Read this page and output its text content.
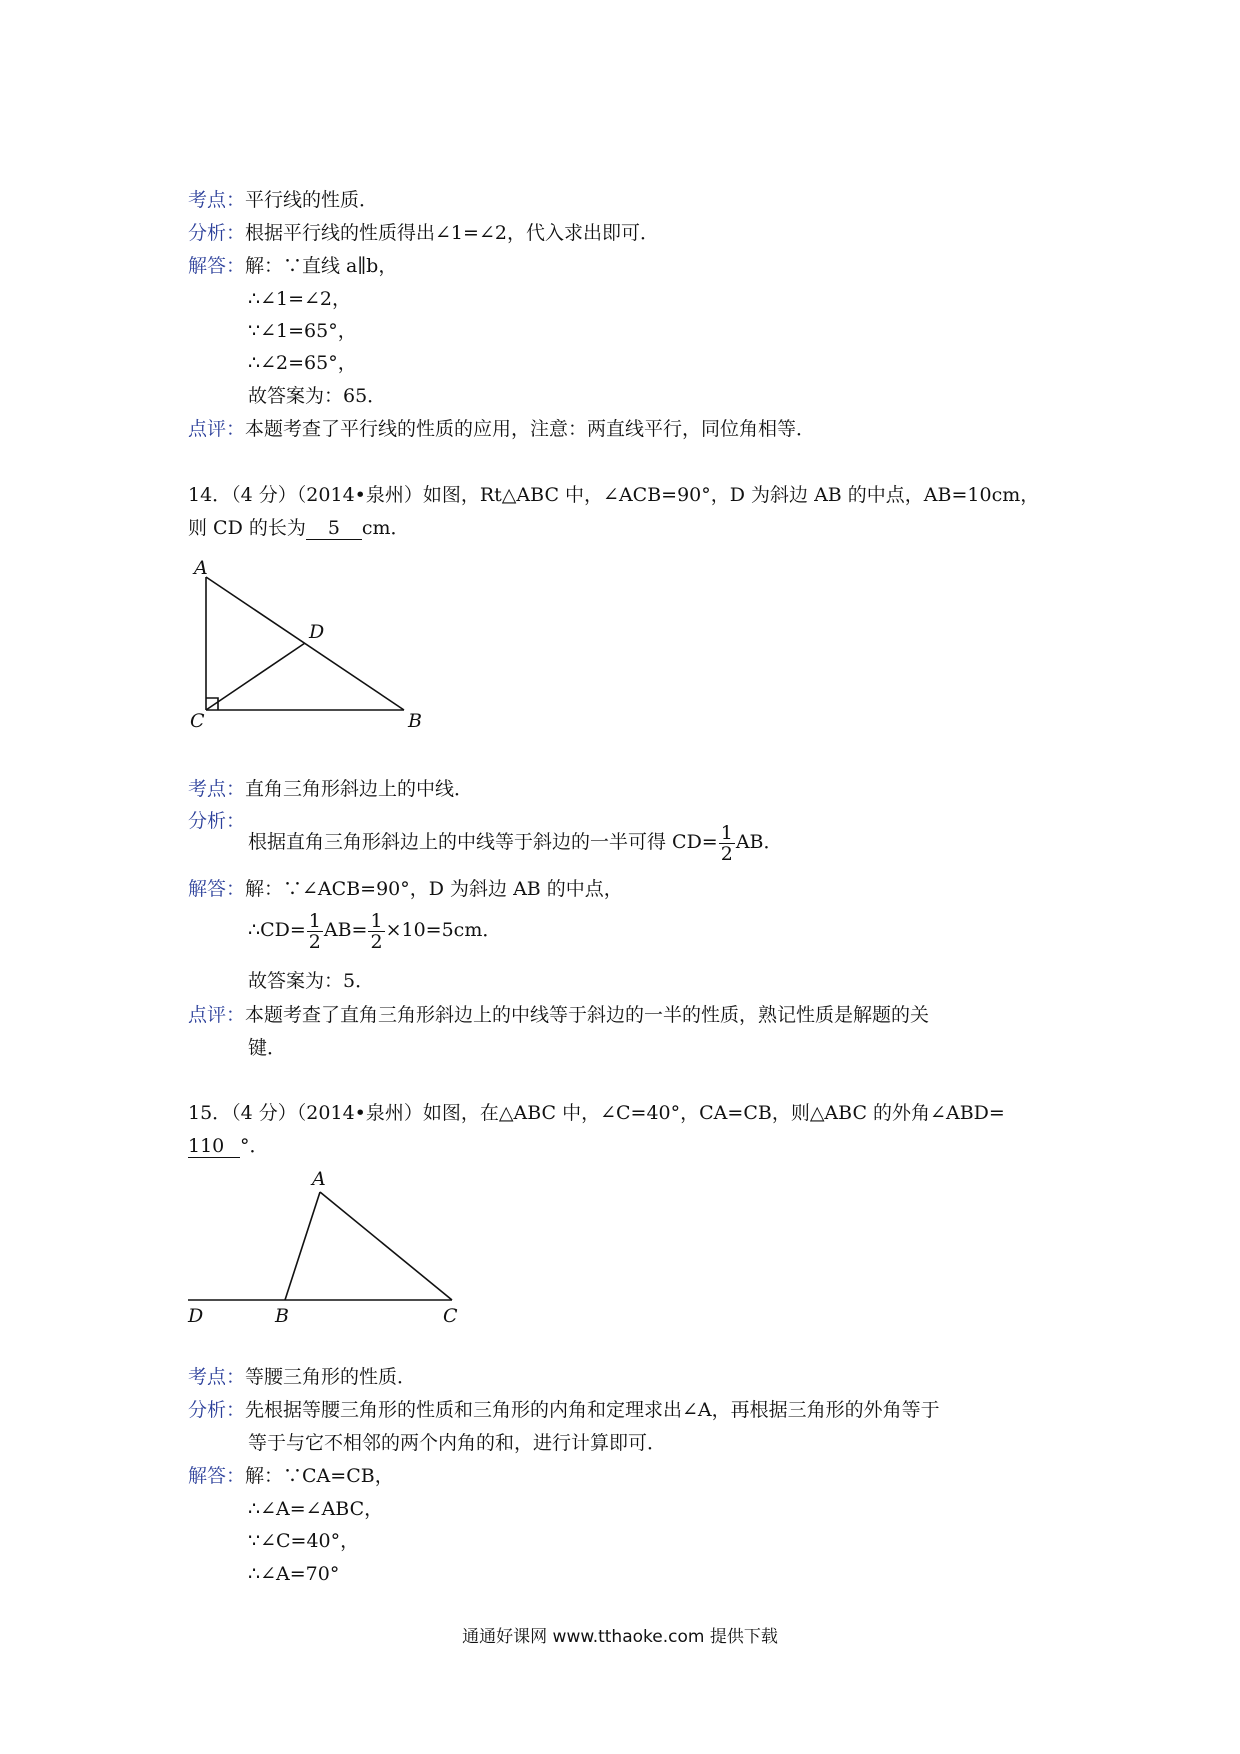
考点：平行线的性质．
分析：根据平行线的性质得出∠1=∠2，代入求出即可．
解答：解：∵直线 a∥b，
∴∠1=∠2，
∵∠1=65°，
∴∠2=65°，
故答案为：65．
点评：本题考查了平行线的性质的应用，注意：两直线平行，同位角相等．
14．（4 分）（2014•泉州）如图，Rt△ABC 中，∠ACB=90°，D 为斜边 AB 的中点，AB=10cm，
则 CD 的长为 5 cm．
A
D
C	B
考点：直角三角形斜边上的中线．
分析：
根据直角三角形斜边上的中线等于斜边的一半可得 $CD= \frac{1}{2}$ AB．
解答：解：∵∠ACB=90°，D 为斜边 AB 的中点，
∴CD= $\frac{1}{2} AB= \frac{1}{2} \times 10=5cm$．
故答案为：5．
点评：本题考查了直角三角形斜边上的中线等于斜边的一半的性质，熟记性质是解题的关
键．
15．（4 分）（2014•泉州）如图，在△ABC 中，∠C=40°，CA=CB，则△ABC 的外角∠ABD=
110 °．
A
D	B	C
考点：等腰三角形的性质．
分析：先根据等腰三角形的性质和三角形的内角和定理求出∠A，再根据三角形的外角等于
等于与它不相邻的两个内角的和，进行计算即可．
解答：解：∵CA=CB，
∴∠A=∠ABC，
∵∠C=40°，
∴∠A=70°
通通好课网 www.tthaoke.com 提供下载
